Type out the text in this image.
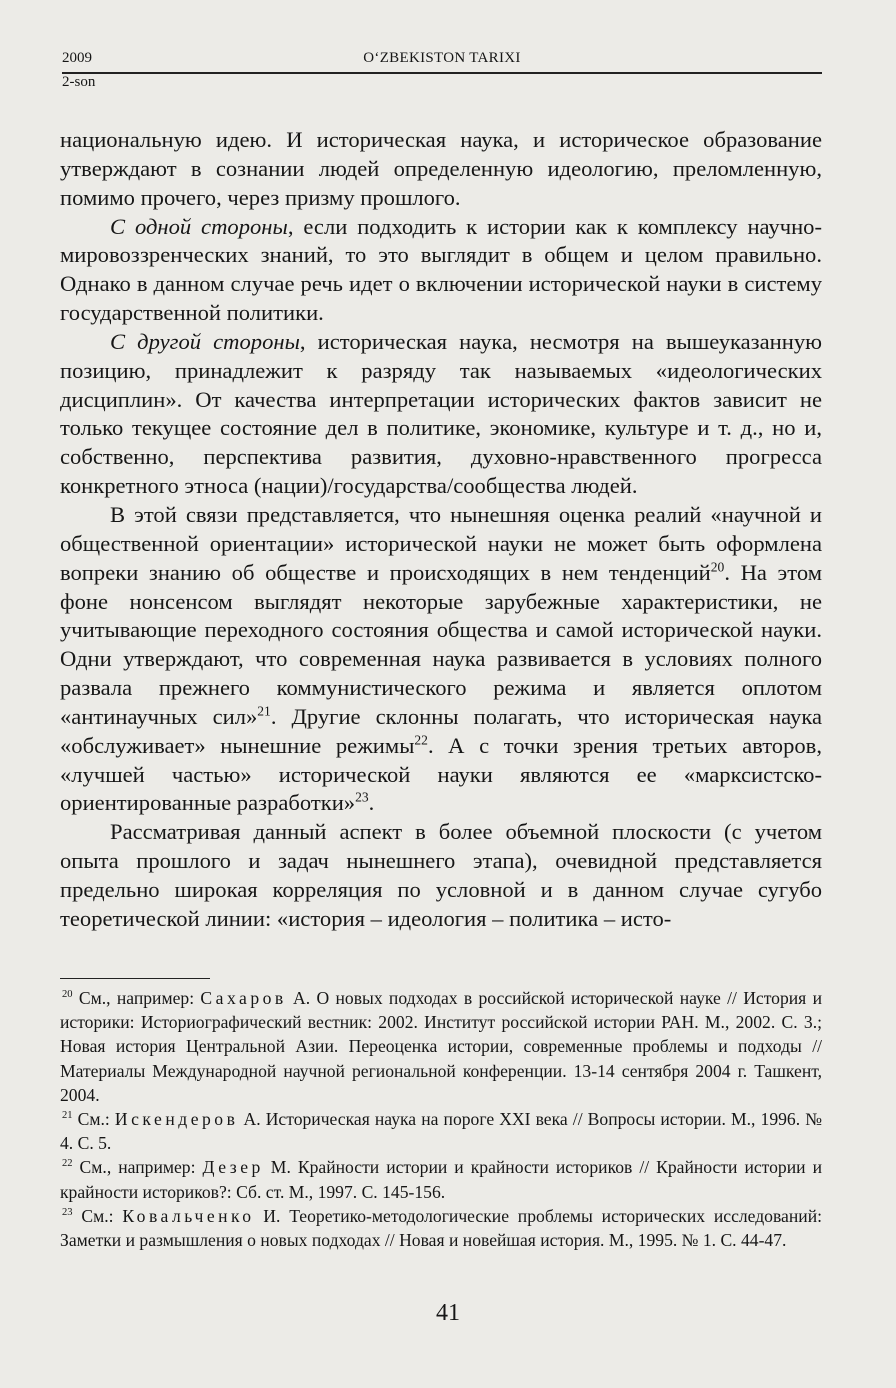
2009	O‘ZBEKISTON TARIXI
2-son

национальную идею. И историческая наука, и историческое образование утверждают в сознании людей определенную идеологию, преломленную, помимо прочего, через призму прошлого.

С одной стороны, если подходить к истории как к комплексу научно-мировоззренческих знаний, то это выглядит в общем и целом правильно. Однако в данном случае речь идет о включении исторической науки в систему государственной политики.

С другой стороны, историческая наука, несмотря на вышеуказанную позицию, принадлежит к разряду так называемых «идеологических дисциплин». От качества интерпретации исторических фактов зависит не только текущее состояние дел в политике, экономике, культуре и т. д., но и, собственно, перспектива развития, духовно-нравственного прогресса конкретного этноса (нации)/государства/сообщества людей.

В этой связи представляется, что нынешняя оценка реалий «научной и общественной ориентации» исторической науки не может быть оформлена вопреки знанию об обществе и происходящих в нем тенденций$^{20}$. На этом фоне нонсенсом выглядят некоторые зарубежные характеристики, не учитывающие переходного состояния общества и самой исторической науки. Одни утверждают, что современная наука развивается в условиях полного развала прежнего коммунистического режима и является оплотом «антинаучных сил»$^{21}$. Другие склонны полагать, что историческая наука «обслуживает» нынешние режимы$^{22}$. А с точки зрения третьих авторов, «лучшей частью» исторической науки являются ее «марксистско-ориентированные разработки»$^{23}$.

Рассматривая данный аспект в более объемной плоскости (с учетом опыта прошлого и задач нынешнего этапа), очевидной представляется предельно широкая корреляция по условной и в данном случае сугубо теоретической линии: «история – идеология – политика – исто-

$^{20}$ См., например: Сахаров А. О новых подходах в российской исторической науке // История и историки: Историографический вестник: 2002. Институт российской истории РАН. М., 2002. С. 3.; Новая история Центральной Азии. Переоценка истории, современные проблемы и подходы // Материалы Международной научной региональной конференции. 13-14 сентября 2004 г. Ташкент, 2004.

$^{21}$ См.: Искендеров А. Историческая наука на пороге XXI века // Вопросы истории. М., 1996. № 4. С. 5.

$^{22}$ См., например: Дезер М. Крайности истории и крайности историков // Крайности истории и крайности историков?: Сб. ст. М., 1997. С. 145-156.

$^{23}$ См.: Ковальченко И. Теоретико-методологические проблемы исторических исследований: Заметки и размышления о новых подходах // Новая и новейшая история. М., 1995. № 1. С. 44-47.

41
